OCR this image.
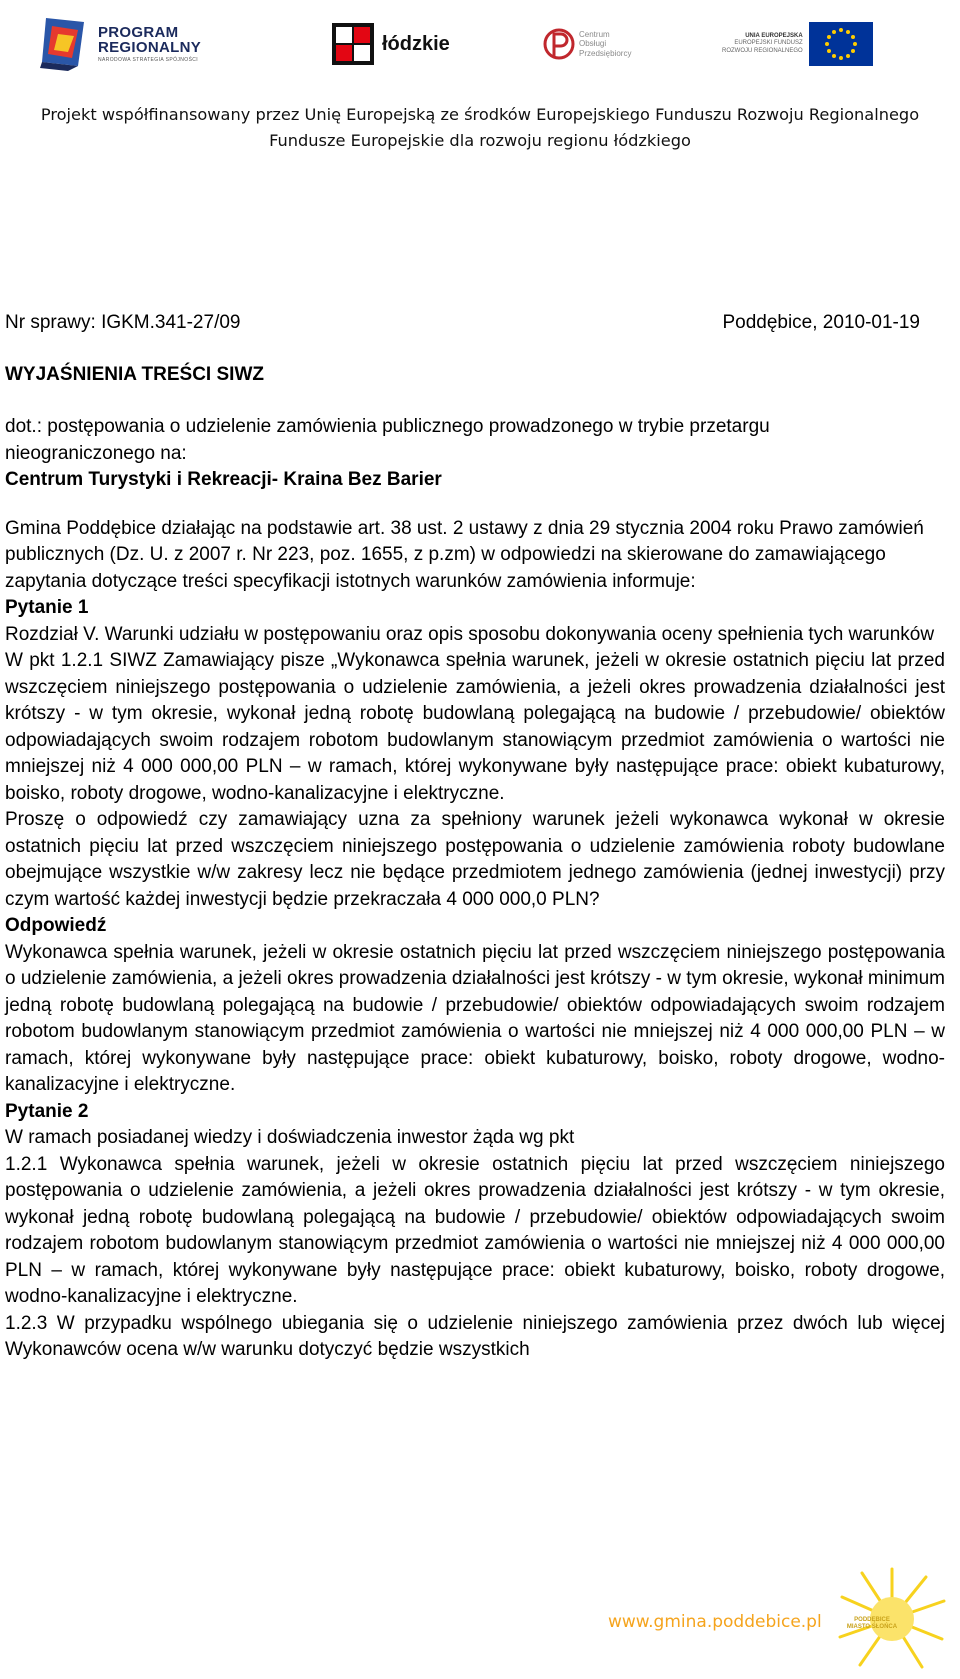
PROGRAM
REGIONALNY
NARODOWA STRATEGIA SPÓJNOŚCI
łódzkie	Centrum
Obsługi
Przedsiębiorcy
UNIA EUROPEJSKA
EUROPEJSKI FUNDUSZ
ROZWOJU REGIONALNEGO
Projekt współfinansowany przez Unię Europejską ze środków Europejskiego Funduszu Rozwoju Regionalnego
Fundusze Europejskie dla rozwoju regionu łódzkiego
Nr sprawy: IGKM.341-27/09	Poddębice, 2010-01-19
WYJAŚNIENIA TREŚCI SIWZ

dot.: postępowania o udzielenie zamówienia publicznego prowadzonego w trybie przetargu

nieograniczonego na:

Centrum Turystyki i Rekreacji- Kraina Bez Barier

Gmina Poddębice działając na podstawie art. 38 ust. 2 ustawy z dnia 29 stycznia 2004 roku Prawo zamówień publicznych (Dz. U. z 2007 r. Nr 223, poz. 1655, z p.zm) w odpowiedzi na skierowane do zamawiającego zapytania dotyczące treści specyfikacji istotnych warunków zamówienia informuje:

Pytanie 1

Rozdział V. Warunki udziału w postępowaniu oraz opis sposobu dokonywania oceny spełnienia tych warunków

W pkt 1.2.1 SIWZ Zamawiający pisze „Wykonawca spełnia warunek, jeżeli w okresie ostatnich pięciu lat przed wszczęciem niniejszego postępowania o udzielenie zamówienia, a jeżeli okres prowadzenia działalności jest krótszy - w tym okresie, wykonał jedną robotę budowlaną polegającą na budowie / przebudowie/ obiektów odpowiadających swoim rodzajem robotom budowlanym stanowiącym przedmiot zamówienia o wartości nie mniejszej niż 4 000 000,00 PLN – w ramach, której wykonywane były następujące prace: obiekt kubaturowy, boisko, roboty drogowe, wodno-kanalizacyjne i elektryczne.

Proszę o odpowiedź czy zamawiający uzna za spełniony warunek jeżeli wykonawca wykonał w okresie ostatnich pięciu lat przed wszczęciem niniejszego postępowania o udzielenie zamówienia roboty budowlane obejmujące wszystkie w/w zakresy lecz nie będące przedmiotem jednego zamówienia (jednej inwestycji) przy czym wartość każdej inwestycji będzie przekraczała 4 000 000,0 PLN?

Odpowiedź

Wykonawca spełnia warunek, jeżeli w okresie ostatnich pięciu lat przed wszczęciem niniejszego postępowania o udzielenie zamówienia, a jeżeli okres prowadzenia działalności jest krótszy - w tym okresie, wykonał minimum jedną robotę budowlaną polegającą na budowie / przebudowie/ obiektów odpowiadających swoim rodzajem robotom budowlanym stanowiącym przedmiot zamówienia o wartości nie mniejszej niż 4 000 000,00 PLN – w ramach, której wykonywane były następujące prace: obiekt kubaturowy, boisko, roboty drogowe, wodno-kanalizacyjne i elektryczne.

Pytanie 2

W ramach posiadanej wiedzy i doświadczenia inwestor żąda wg pkt

1.2.1 Wykonawca spełnia warunek, jeżeli w okresie ostatnich pięciu lat przed wszczęciem niniejszego postępowania o udzielenie zamówienia, a jeżeli okres prowadzenia działalności jest krótszy - w tym okresie, wykonał jedną robotę budowlaną polegającą na budowie / przebudowie/ obiektów odpowiadających swoim rodzajem robotom budowlanym stanowiącym przedmiot zamówienia o wartości nie mniejszej niż 4 000 000,00 PLN – w ramach, której wykonywane były następujące prace: obiekt kubaturowy, boisko, roboty drogowe, wodno-kanalizacyjne i elektryczne.

1.2.3 W przypadku wspólnego ubiegania się o udzielenie niniejszego zamówienia przez dwóch lub więcej Wykonawców ocena w/w warunku dotyczyć będzie wszystkich

www.gmina.poddebice.pl	PODDĘBICE
MIASTO SŁOŃCA
